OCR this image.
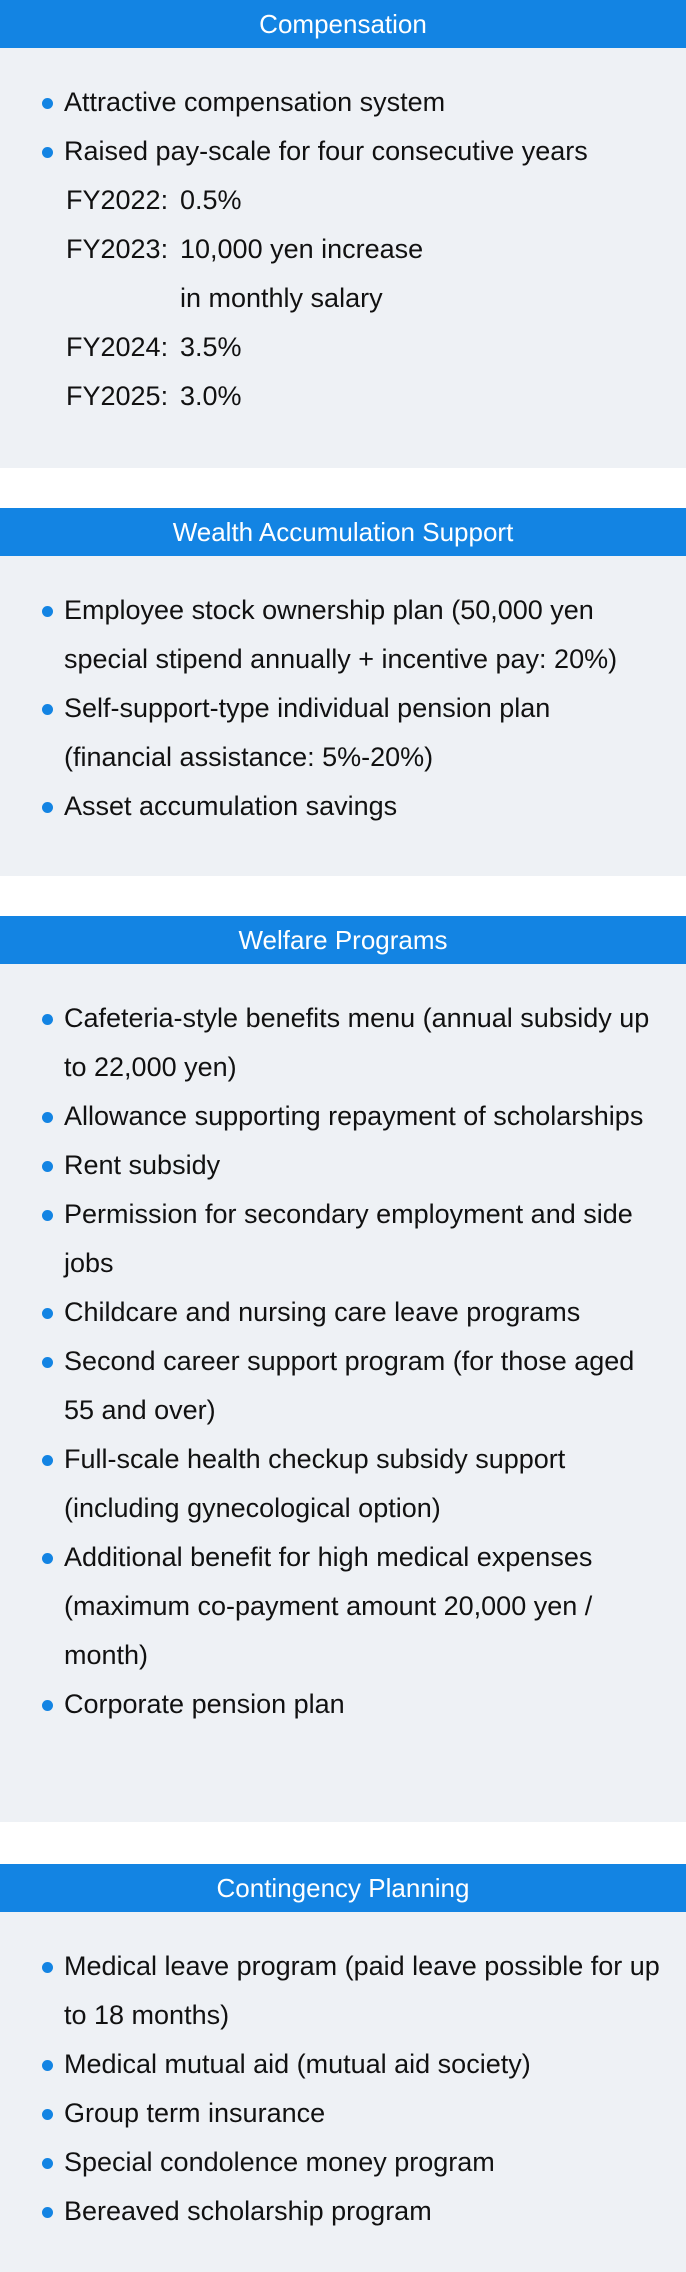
Compensation
Attractive compensation system
Raised pay-scale for four consecutive years
FY2022: 0.5%
FY2023: 10,000 yen increase
in monthly salary
FY2024: 3.5%
FY2025: 3.0%
Wealth Accumulation Support
Employee stock ownership plan (50,000 yen special stipend annually + incentive pay: 20%)
Self-support-type individual pension plan (financial assistance: 5%-20%)
Asset accumulation savings
Welfare Programs
Cafeteria-style benefits menu (annual subsidy up to 22,000 yen)
Allowance supporting repayment of scholarships
Rent subsidy
Permission for secondary employment and side jobs
Childcare and nursing care leave programs
Second career support program (for those aged 55 and over)
Full-scale health checkup subsidy support (including gynecological option)
Additional benefit for high medical expenses (maximum co-payment amount 20,000 yen / month)
Corporate pension plan
Contingency Planning
Medical leave program (paid leave possible for up to 18 months)
Medical mutual aid (mutual aid society)
Group term insurance
Special condolence money program
Bereaved scholarship program
